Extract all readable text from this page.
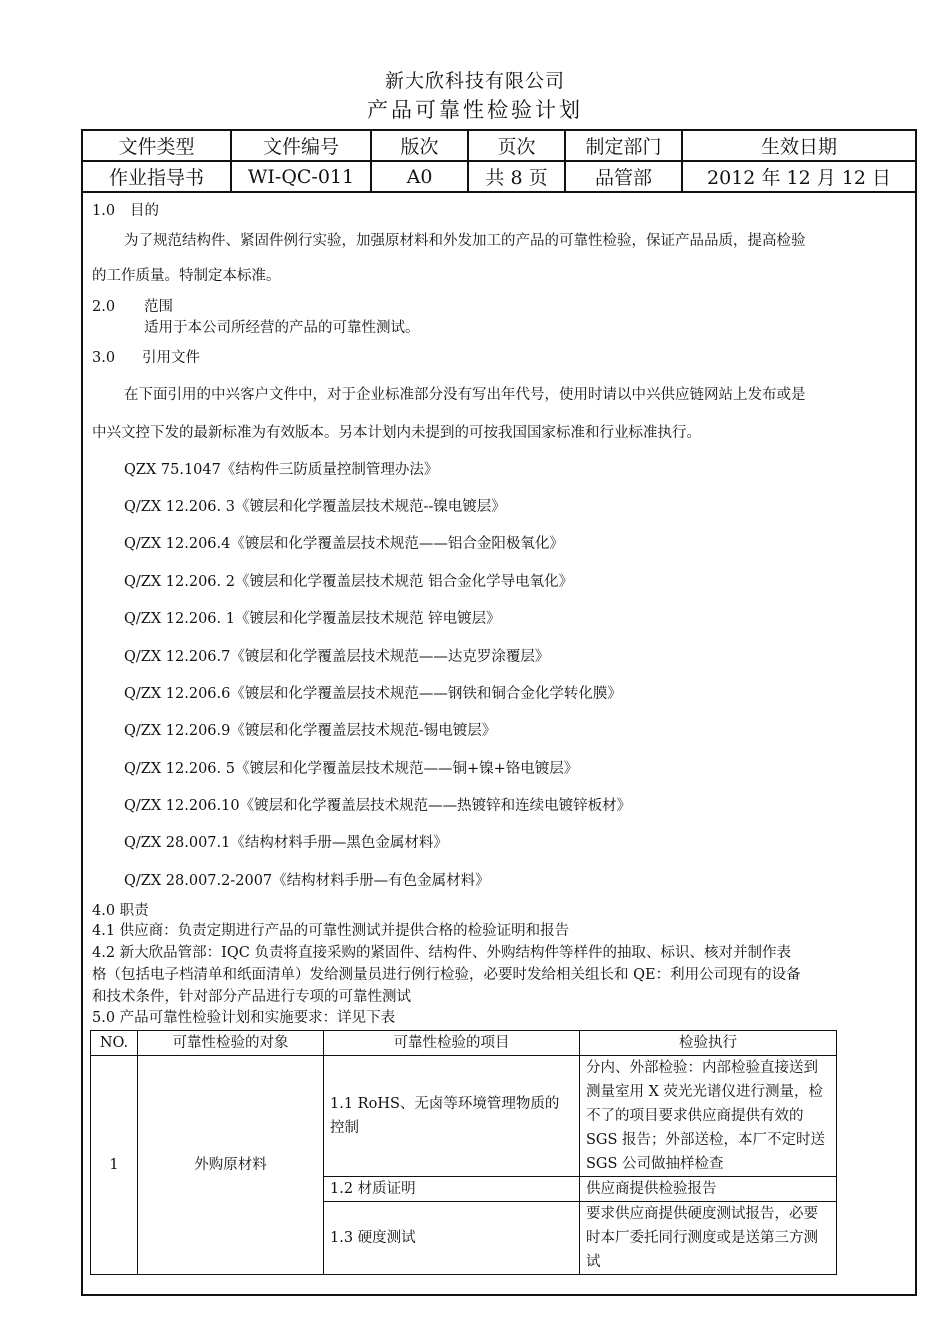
新大欣科技有限公司
产品可靠性检验计划
文件类型	文件编号	版次	页次	制定部门	生效日期
作业指导书	WI-QC-011	A0	共 8 页	品管部	2012 年 12 月 12 日
1.0 目的
为了规范结构件、紧固件例行实验，加强原材料和外发加工的产品的可靠性检验，保证产品品质，提高检验
的工作质量。特制定本标准。
2.0 范围
适用于本公司所经营的产品的可靠性测试。
3.0 引用文件
在下面引用的中兴客户文件中，对于企业标准部分没有写出年代号，使用时请以中兴供应链网站上发布或是
中兴文控下发的最新标准为有效版本。另本计划内未提到的可按我国国家标准和行业标准执行。
QZX 75.1047《结构件三防质量控制管理办法》
Q/ZX 12.206. 3《镀层和化学覆盖层技术规范--镍电镀层》
Q/ZX 12.206.4《镀层和化学覆盖层技术规范——铝合金阳极氧化》
Q/ZX 12.206. 2《镀层和化学覆盖层技术规范 铝合金化学导电氧化》
Q/ZX 12.206. 1《镀层和化学覆盖层技术规范 锌电镀层》
Q/ZX 12.206.7《镀层和化学覆盖层技术规范——达克罗涂覆层》
Q/ZX 12.206.6《镀层和化学覆盖层技术规范——钢铁和铜合金化学转化膜》
Q/ZX 12.206.9《镀层和化学覆盖层技术规范-锡电镀层》
Q/ZX 12.206. 5《镀层和化学覆盖层技术规范——铜+镍+铬电镀层》
Q/ZX 12.206.10《镀层和化学覆盖层技术规范——热镀锌和连续电镀锌板材》
Q/ZX 28.007.1《结构材料手册—黑色金属材料》
Q/ZX 28.007.2-2007《结构材料手册—有色金属材料》
4.0 职责
4.1 供应商：负责定期进行产品的可靠性测试并提供合格的检验证明和报告
4.2 新大欣品管部：IQC 负责将直接采购的紧固件、结构件、外购结构件等样件的抽取、标识、核对并制作表
格（包括电子档清单和纸面清单）发给测量员进行例行检验，必要时发给相关组长和 QE：利用公司现有的设备
和技术条件，针对部分产品进行专项的可靠性测试
5.0 产品可靠性检验计划和实施要求：详见下表
NO.	可靠性检验的对象	可靠性检验的项目	检验执行
1	外购原材料	1.1 RoHS、无卤等环境管理物质的控制	分内、外部检验：内部检验直接送到测量室用 X 荧光光谱仪进行测量，检不了的项目要求供应商提供有效的 SGS 报告；外部送检，本厂不定时送 SGS 公司做抽样检查
		1.2 材质证明	供应商提供检验报告
		1.3 硬度测试	要求供应商提供硬度测试报告，必要时本厂委托同行测度或是送第三方测试
